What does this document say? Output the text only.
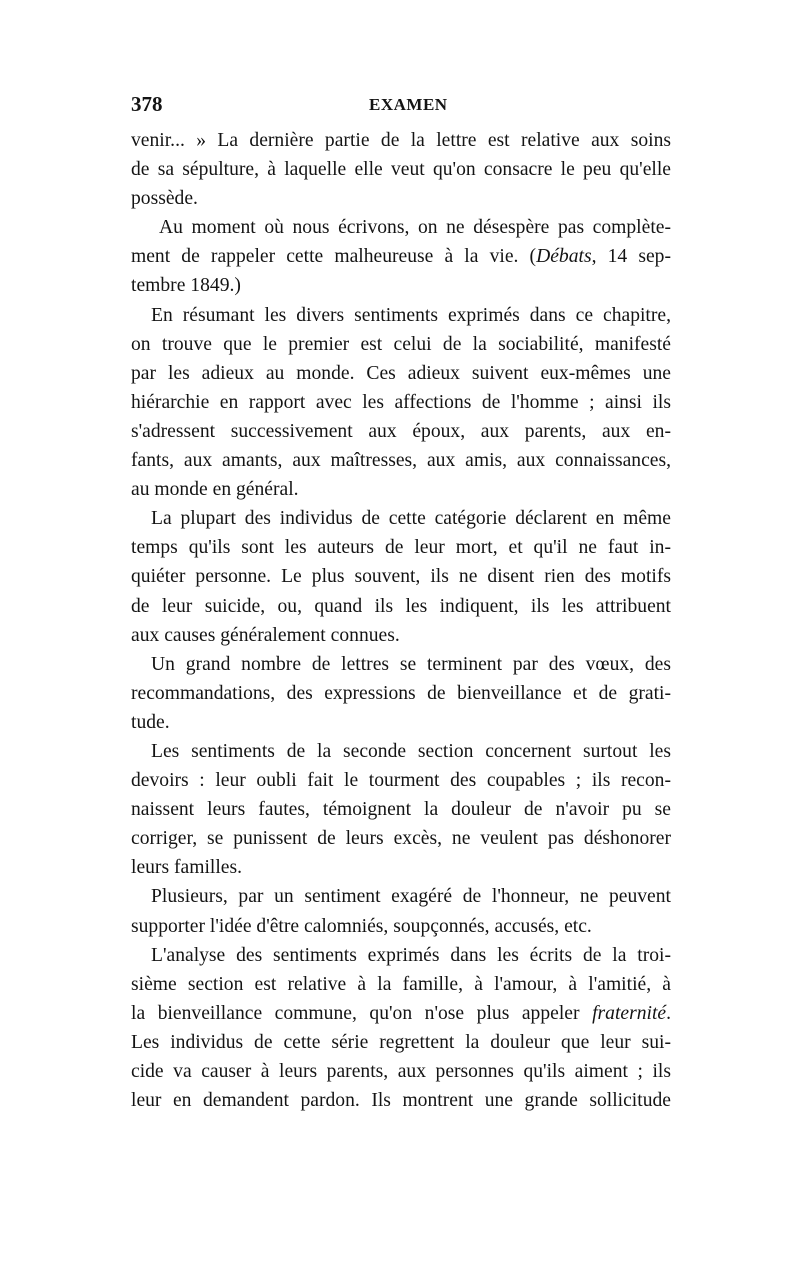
378	EXAMEN
venir... » La dernière partie de la lettre est relative aux soins
de sa sépulture, à laquelle elle veut qu'on consacre le peu qu'elle
possède.
Au moment où nous écrivons, on ne désespère pas complète-
ment de rappeler cette malheureuse à la vie. (Débats, 14 sep-
tembre 1849.)
En résumant les divers sentiments exprimés dans ce chapitre,
on trouve que le premier est celui de la sociabilité, manifesté
par les adieux au monde. Ces adieux suivent eux-mêmes une
hiérarchie en rapport avec les affections de l'homme ; ainsi ils
s'adressent successivement aux époux, aux parents, aux en-
fants, aux amants, aux maîtresses, aux amis, aux connaissances,
au monde en général.
La plupart des individus de cette catégorie déclarent en même
temps qu'ils sont les auteurs de leur mort, et qu'il ne faut in-
quiéter personne. Le plus souvent, ils ne disent rien des motifs
de leur suicide, ou, quand ils les indiquent, ils les attribuent
aux causes généralement connues.
Un grand nombre de lettres se terminent par des vœux, des
recommandations, des expressions de bienveillance et de grati-
tude.
Les sentiments de la seconde section concernent surtout les
devoirs : leur oubli fait le tourment des coupables ; ils recon-
naissent leurs fautes, témoignent la douleur de n'avoir pu se
corriger, se punissent de leurs excès, ne veulent pas déshonorer
leurs familles.
Plusieurs, par un sentiment exagéré de l'honneur, ne peuvent
supporter l'idée d'être calomniés, soupçonnés, accusés, etc.
L'analyse des sentiments exprimés dans les écrits de la troi-
sième section est relative à la famille, à l'amour, à l'amitié, à
la bienveillance commune, qu'on n'ose plus appeler fraternité.
Les individus de cette série regrettent la douleur que leur sui-
cide va causer à leurs parents, aux personnes qu'ils aiment ; ils
leur en demandent pardon. Ils montrent une grande sollicitude
